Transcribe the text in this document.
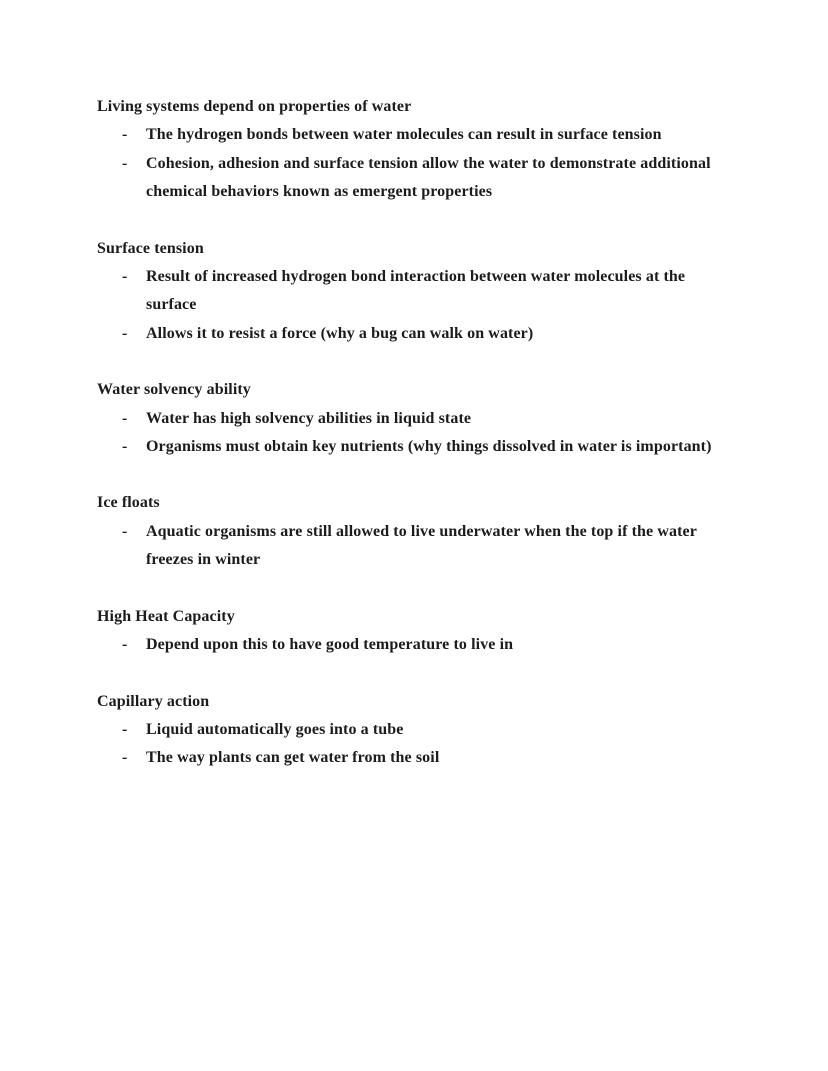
Living systems depend on properties of water
-	The hydrogen bonds between water molecules can result in surface tension
-	Cohesion, adhesion and surface tension allow the water to demonstrate additional chemical behaviors known as emergent properties
Surface tension
-	Result of increased hydrogen bond interaction between water molecules at the surface
-	Allows it to resist a force (why a bug can walk on water)
Water solvency ability
-	Water has high solvency abilities in liquid state
-	Organisms must obtain key nutrients (why things dissolved in water is important)
Ice floats
-	Aquatic organisms are still allowed to live underwater when the top if the water freezes in winter
High Heat Capacity
-	Depend upon this to have good temperature to live in
Capillary action
-	Liquid automatically goes into a tube
-	The way plants can get water from the soil
